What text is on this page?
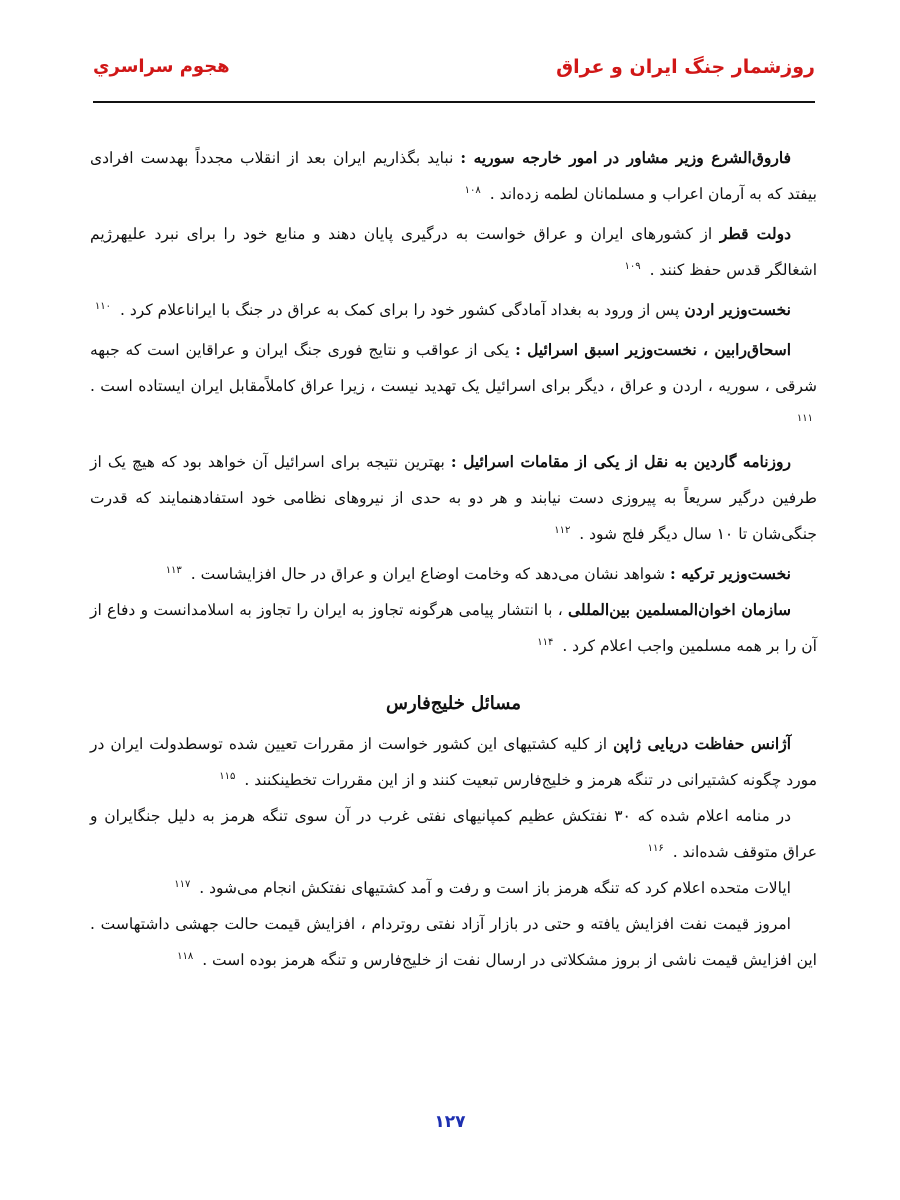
روزشمار جنگ ایران و عراق
هجوم سراسري

فاروق‌الشرع وزیر مشاور در امور خارجه سوریه : نباید بگذاریم ایران بعد از انقلاب مجدداً بهدست افرادی بیفتد که به آرمان اعراب و مسلمانان لطمه زده‌اند . $^{۱۰۸}$

دولت قطر از کشورهای ایران و عراق خواست به درگیری پایان دهند و منابع خود را برای نبرد علیهرژیم اشغالگر قدس حفظ کنند . $^{۱۰۹}$

نخست‌وزیر اردن پس از ورود به بغداد آمادگی کشور خود را برای کمک به عراق در جنگ با ایراناعلام کرد . $^{۱۱۰}$

اسحاق‌رابین ، نخست‌وزیر اسبق اسرائیل : یکی از عواقب و نتایج فوری جنگ ایران و عراقاین است که جبهه شرقی ، سوریه ، اردن و عراق ، دیگر برای اسرائیل یک تهدید نیست ، زیرا عراق کاملاًمقابل ایران ایستاده است . $^{۱۱۱}$

روزنامه گاردین به نقل از یکی از مقامات اسرائیل : بهترین نتیجه برای اسرائیل آن خواهد بود که هیچ یک از طرفین درگیر سریعاً به پیروزی دست نیابند و هر دو به حدی از نیروهای نظامی خود استفادهنمایند که قدرت جنگی‌شان تا ۱۰ سال دیگر فلج شود . $^{۱۱۲}$

نخست‌وزیر ترکیه : شواهد نشان می‌دهد که وخامت اوضاع ایران و عراق در حال افزایشاست . $^{۱۱۳}$

سازمان اخوان‌المسلمین بین‌المللی ، با انتشار پیامی هرگونه تجاوز به ایران را تجاوز به اسلامدانست و دفاع از آن را بر همه مسلمین واجب اعلام کرد . $^{۱۱۴}$

مسائل خلیج‌فارس

آژانس حفاظت دریایی ژاپن از کلیه کشتیهای این کشور خواست از مقررات تعیین شده توسطدولت ایران در مورد چگونه کشتیرانی در تنگه هرمز و خلیج‌فارس تبعیت کنند و از این مقررات تخطینکنند . $^{۱۱۵}$

در منامه اعلام شده که ۳۰ نفتکش عظیم کمپانیهای نفتی غرب در آن سوی تنگه هرمز به دلیل جنگایران و عراق متوقف شده‌اند . $^{۱۱۶}$

ایالات متحده اعلام کرد که تنگه هرمز باز است و رفت و آمد کشتیهای نفتکش انجام می‌شود . $^{۱۱۷}$

امروز قیمت نفت افزایش یافته و حتی در بازار آزاد نفتی روتردام ، افزایش قیمت حالت جهشی داشتهاست . این افزایش قیمت ناشی از بروز مشکلاتی در ارسال نفت از خلیج‌فارس و تنگه هرمز بوده است . $^{۱۱۸}$

۱۲۷
